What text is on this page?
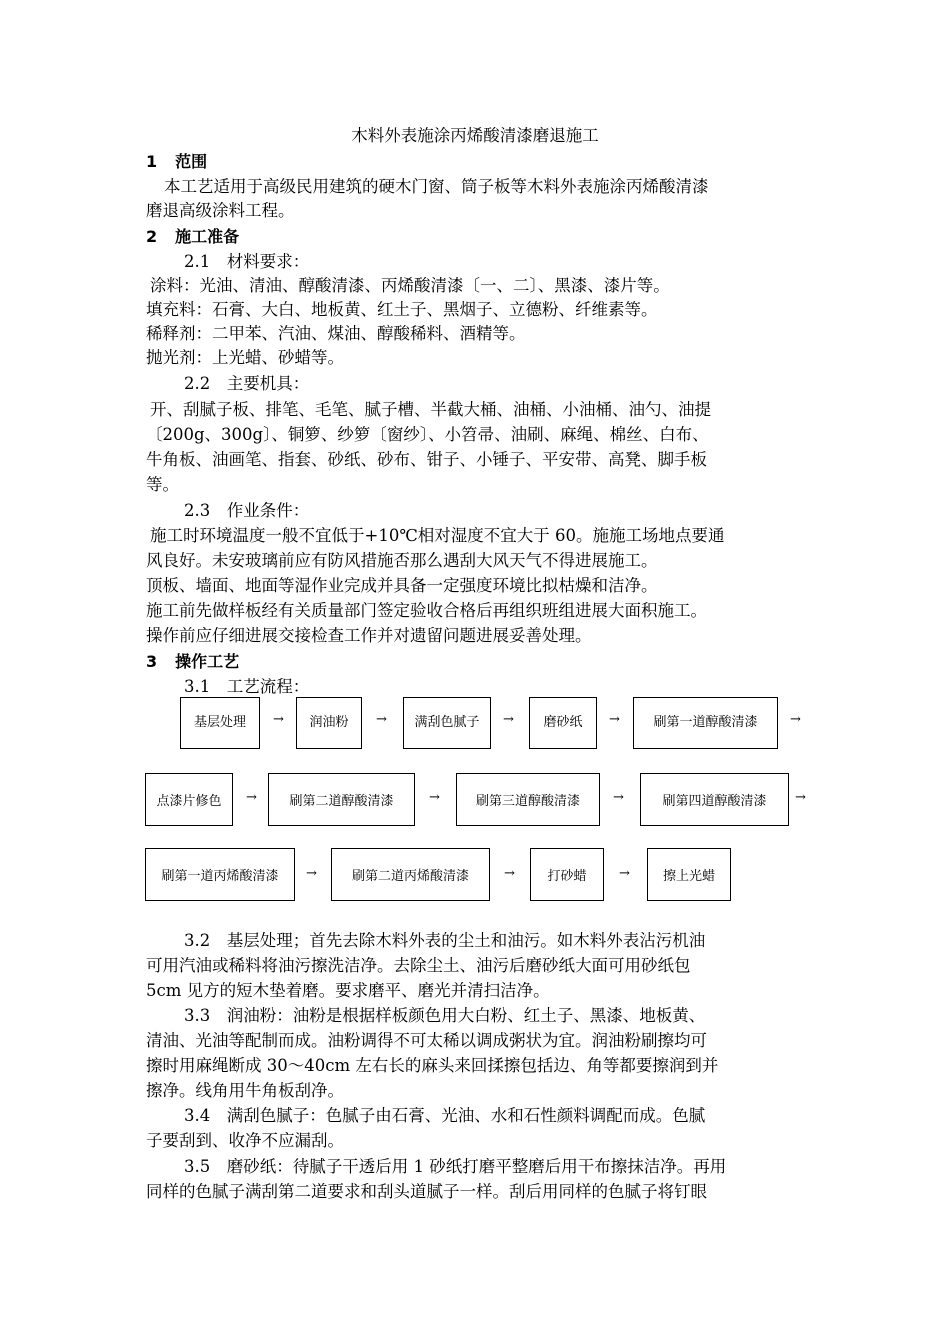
木料外表施涂丙烯酸清漆磨退施工
1 范围
本工艺适用于高级民用建筑的硬木门窗、筒子板等木料外表施涂丙烯酸清漆
磨退高级涂料工程。
2 施工准备
2.1　材料要求：
涂料：光油、清油、醇酸清漆、丙烯酸清漆〔一、二〕、黑漆、漆片等。
填充料：石膏、大白、地板黄、红土子、黑烟子、立德粉、纤维素等。
稀释剂：二甲苯、汽油、煤油、醇酸稀料、酒精等。
抛光剂：上光蜡、砂蜡等。
2.2　主要机具：
开、刮腻子板、排笔、毛笔、腻子槽、半截大桶、油桶、小油桶、油勺、油提
〔200g、300g〕、铜箩、纱箩〔窗纱〕、小笤帚、油刷、麻绳、棉丝、白布、
牛角板、油画笔、指套、砂纸、砂布、钳子、小锤子、平安带、高凳、脚手板
等。
2.3　作业条件：
施工时环境温度一般不宜低于+10℃相对湿度不宜大于 60。施施工场地点要通
风良好。未安玻璃前应有防风措施否那么遇刮大风天气不得进展施工。
顶板、墙面、地面等湿作业完成并具备一定强度环境比拟枯燥和洁净。
施工前先做样板经有关质量部门签定验收合格后再组织班组进展大面积施工。
操作前应仔细进展交接检查工作并对遗留问题进展妥善处理。
3 操作工艺
3.1　工艺流程：
基层处理 → 润油粉 → 满刮色腻子 → 磨砂纸 →	刷第一道醇酸清漆	→
点漆片修色 →	刷第二道醇酸清漆	→	刷第三道醇酸清漆	→	刷第四道醇酸清漆 →
刷第一道丙烯酸清漆 →	刷第二道丙烯酸清漆	→	打砂蜡	→	擦上光蜡
3.2　基层处理；首先去除木料外表的尘土和油污。如木料外表沾污机油
可用汽油或稀料将油污擦洗洁净。去除尘土、油污后磨砂纸大面可用砂纸包
5cm 见方的短木垫着磨。要求磨平、磨光并清扫洁净。
3.3　润油粉：油粉是根据样板颜色用大白粉、红土子、黑漆、地板黄、
清油、光油等配制而成。油粉调得不可太稀以调成粥状为宜。润油粉刷擦均可
擦时用麻绳断成 30～40cm 左右长的麻头来回揉擦包括边、角等都要擦润到并
擦净。线角用牛角板刮净。
3.4　满刮色腻子：色腻子由石膏、光油、水和石性颜料调配而成。色腻
子要刮到、收净不应漏刮。
3.5　磨砂纸：待腻子干透后用 1 砂纸打磨平整磨后用干布擦抹洁净。再用
同样的色腻子满刮第二道要求和刮头道腻子一样。刮后用同样的色腻子将钉眼
